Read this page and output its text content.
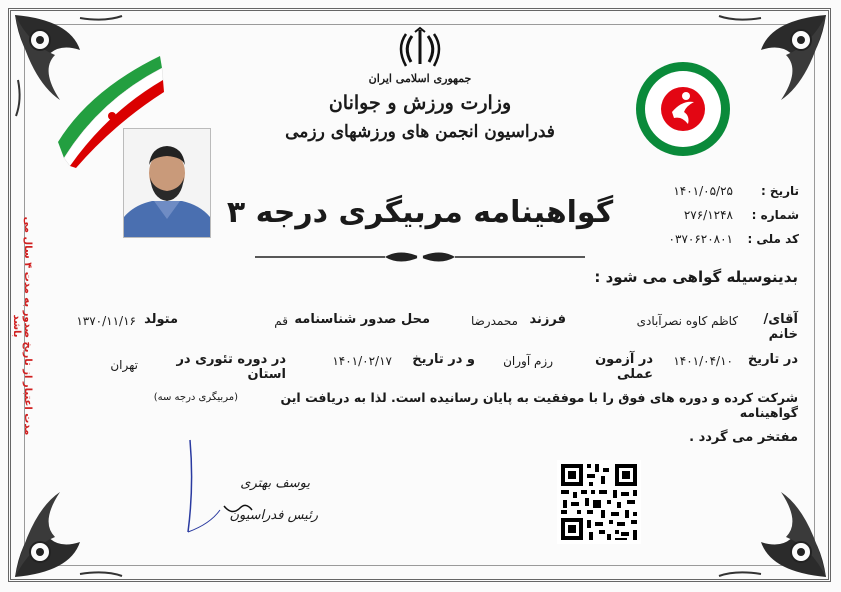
جمهوری اسلامی ایران
وزارت ورزش و جوانان
فدراسیون انجمن های ورزشهای رزمی
گواهینامه مربیگری درجه ۳
تاریخ :
۱۴۰۱/۰۵/۲۵
شماره :
۲۷۶/۱۲۴۸
کد ملی :
۰۳۷۰۶۲۰۸۰۱
مدت اعتبار از تاریخ صدور به مدت ۴ سال می باشد
بدینوسیله گواهی می شود :
آقای/خانم
کاظم کاوه نصرآبادی
فرزند
محمدرضا
محل صدور شناسنامه
قم
متولد
۱۳۷۰/۱۱/۱۶
در تاریخ
۱۴۰۱/۰۴/۱۰
در آزمون عملی
رزم آوران
و در تاریخ
۱۴۰۱/۰۲/۱۷
در دوره تئوری در استان
تهران
شرکت کرده و دوره های فوق را با موفقیت به پایان رسانیده است. لذا به دریافت این گواهینامه
(مربیگری درجه سه)
مفتخر می گردد .
یوسف بهتری
رئیس فدراسیون
